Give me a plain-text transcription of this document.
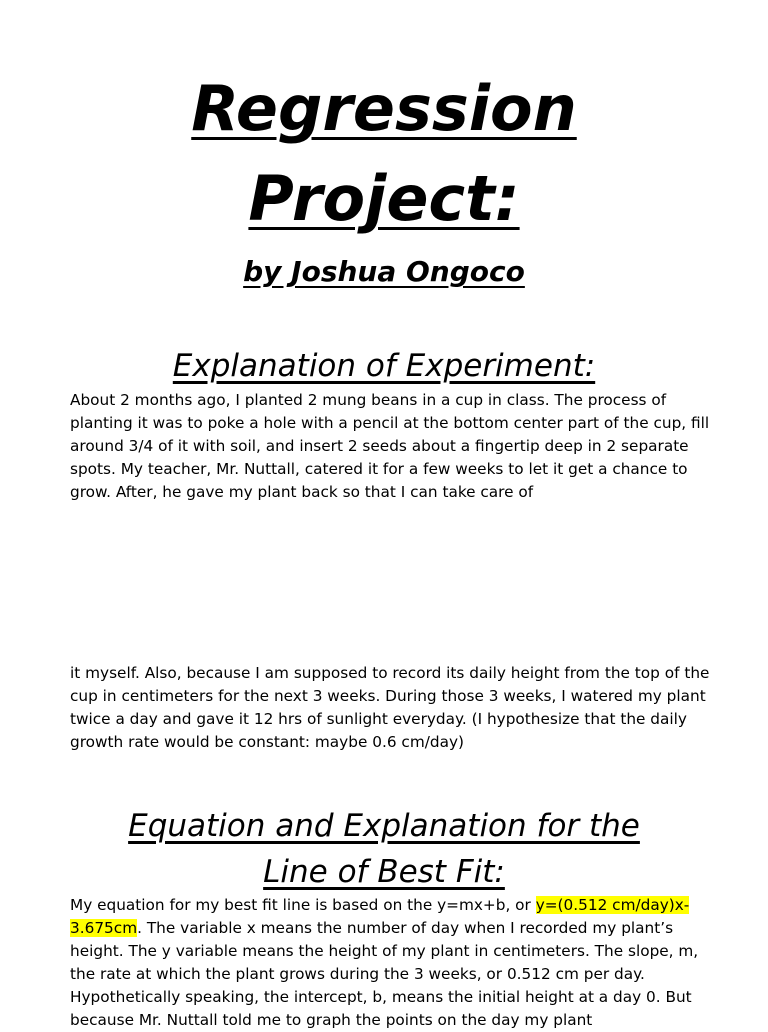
Regression
Project:

by Joshua Ongoco

Explanation of Experiment:

About 2 months ago, I planted 2 mung beans in a cup in class. The process of planting it was to poke a hole with a pencil at the bottom center part of the cup, fill around 3/4 of it with soil, and insert 2 seeds about a fingertip deep in 2 separate spots. My teacher, Mr. Nuttall, catered it for a few weeks to let it get a chance to grow. After, he gave my plant back so that I can take care of

it myself. Also, because I am supposed to record its daily height from the top of the cup in centimeters for the next 3 weeks. During those 3 weeks, I watered my plant twice a day and gave it 12 hrs of sunlight everyday. (I hypothesize that the daily growth rate would be constant: maybe 0.6 cm/day)

Equation and Explanation for the
Line of Best Fit:

My equation for my best fit line is based on the y=mx+b, or y=(0.512 cm/day)x-3.675cm. The variable x means the number of day when I recorded my plant’s height. The y variable means the height of my plant in centimeters. The slope, m, the rate at which the plant grows during the 3 weeks, or 0.512 cm per day. Hypothetically speaking, the intercept, b, means the initial height at a day 0. But because Mr. Nuttall told me to graph the points on the day my plant
